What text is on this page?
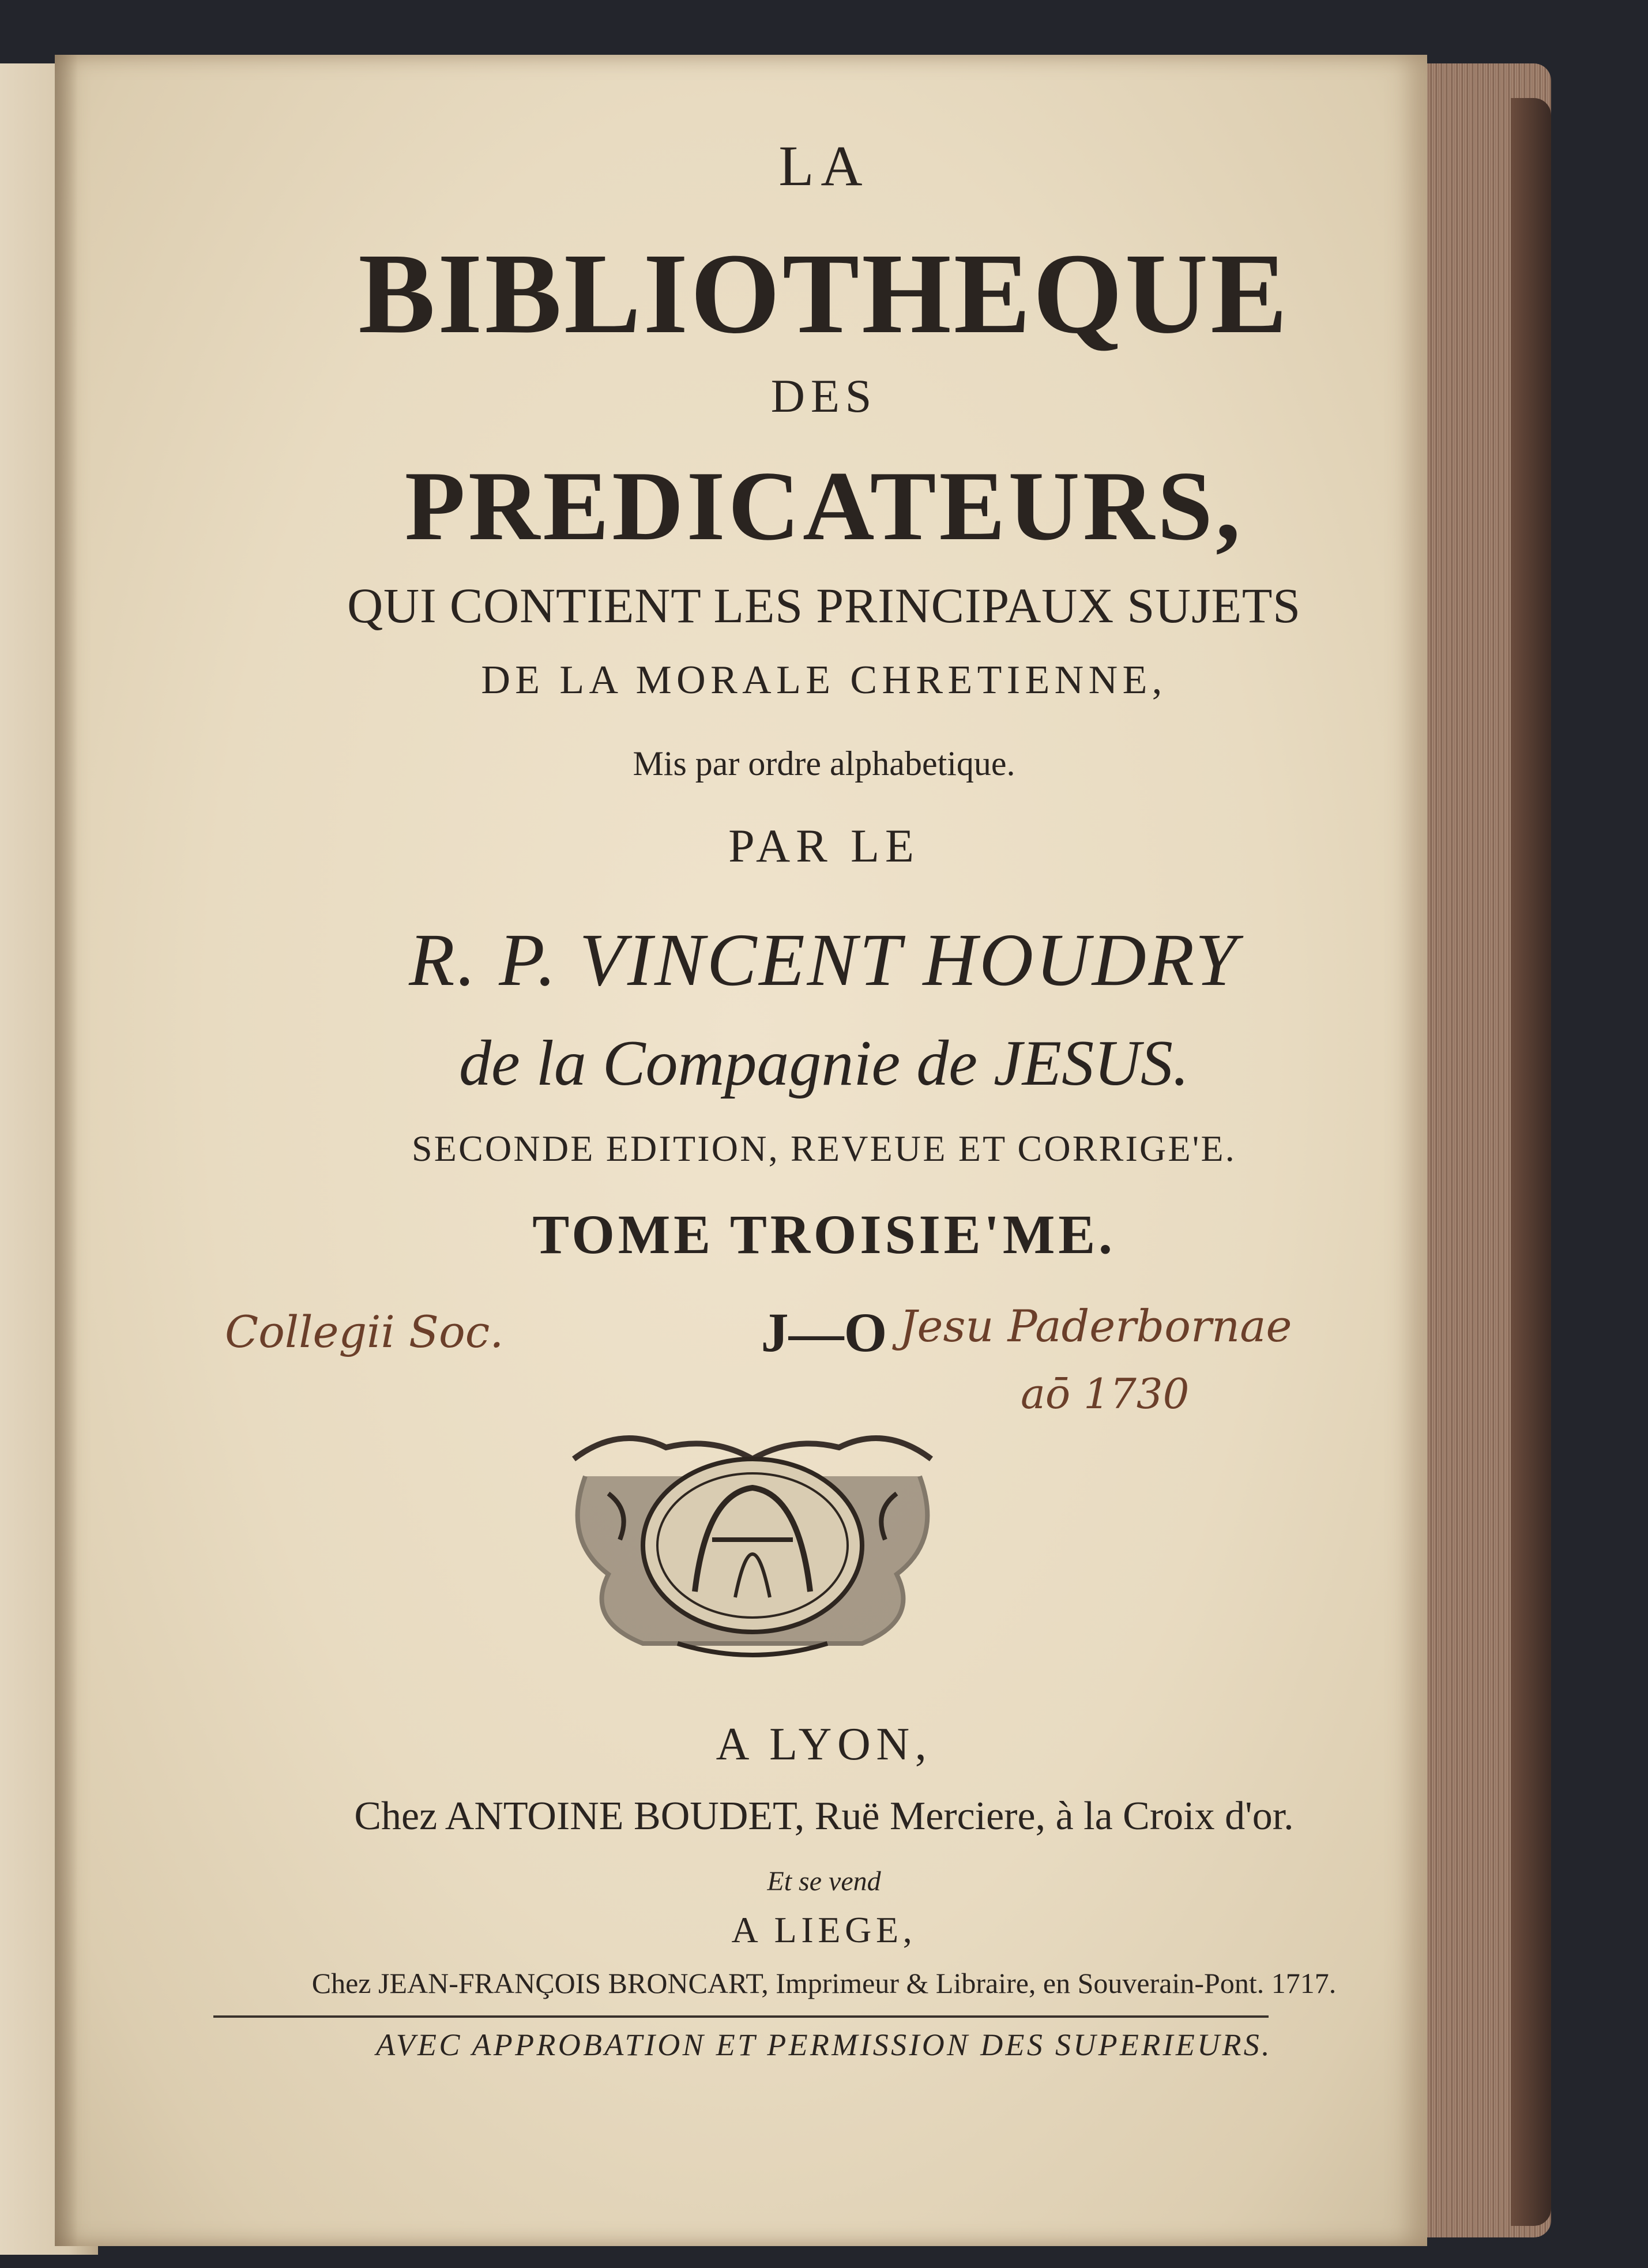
LA
BIBLIOTHEQUE
DES
PREDICATEURS,
QUI CONTIENT LES PRINCIPAUX SUJETS
DE LA MORALE CHRETIENNE,
Mis par ordre alphabetique.
PAR LE
R. P. VINCENT HOUDRY
de la Compagnie de JESUS.
SECONDE EDITION, REVEUE ET CORRIGE'E.
TOME TROISIE'ME.
J—O
Collegii Soc.	Jesu Paderbornae
aō 1730
A LYON,
Chez ANTOINE BOUDET, Ruë Merciere, à la Croix d'or.
Et se vend
A LIEGE,
Chez JEAN-FRANÇOIS BRONCART, Imprimeur & Libraire, en Souverain-Pont. 1717.
AVEC APPROBATION ET PERMISSION DES SUPERIEURS.
